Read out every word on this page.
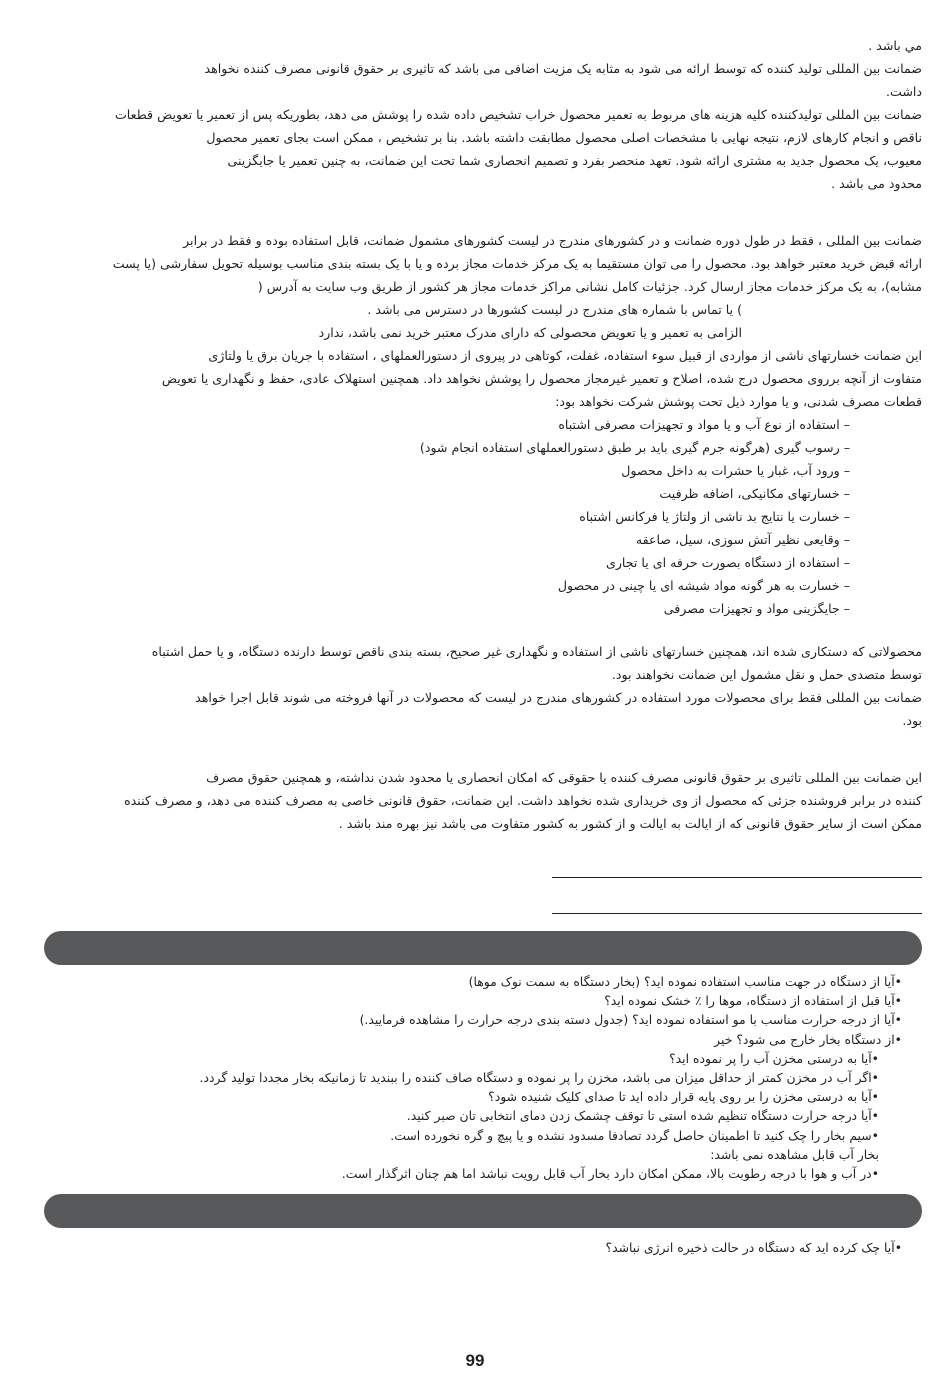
مي باشد .

ضمانت بین المللی تولید کننده که توسط ارائه می شود به مثابه یک مزیت اضافی می باشد که تاثیری بر حقوق قانونی مصرف کننده نخواهد

داشت.

ضمانت بین المللی تولیدکننده کلیه هزینه های مربوط به تعمیر محصول خراب تشخیص داده شده را پوشش می دهد، بطوریکه پس از تعمیر یا تعویض قطعات

ناقص و انجام کارهای لازم، نتیجه نهایی با مشخصات اصلی محصول مطابقت داشته باشد. بنا بر تشخیص ، ممکن است بجای تعمیر محصول

معیوب، یک محصول جدید به مشتری ارائه شود. تعهد منحصر بفرد و تصمیم انحصاری شما تحت این ضمانت، به چنین تعمیر یا جایگزینی

محدود می باشد .

ضمانت بین المللی ، فقط در طول دوره ضمانت و در کشورهای مندرج در لیست کشورهای مشمول ضمانت، قابل استفاده بوده و فقط در برابر

ارائه قبض خرید معتبر خواهد بود. محصول را می توان مستقیما به یک مرکز خدمات مجاز برده و یا با یک بسته بندی مناسب بوسیله تحویل سفارشی (یا پست

مشابه)، به یک مرکز خدمات مجاز ارسال کرد. جزئیات کامل نشانی مراکز خدمات مجاز هر کشور از طریق وب سایت به آدرس (

) یا تماس با شماره های مندرج در لیست کشورها در دسترس می باشد .

الزامی به تعمیر و یا تعویض محصولی که دارای مدرک معتبر خرید نمی باشد، ندارد

این ضمانت خسارتهای ناشی از مواردی از قبیل سوء استفاده، غفلت، کوتاهی در پیروی از دستورالعملهای ، استفاده با جریان برق یا ولتاژی

متفاوت از آنچه برروی محصول درج شده، اصلاح و تعمیر غیرمجاز محصول را پوشش نخواهد داد. همچنین استهلاک عادی، حفظ و نگهداری یا تعویض

قطعات مصرف شدنی، و یا موارد ذیل تحت پوشش شرکت نخواهد بود:

– استفاده از نوع آب و یا مواد و تجهیزات مصرفی اشتباه
– رسوب گیری (هرگونه جرم گیری باید بر طبق دستورالعملهای استفاده انجام شود)
– ورود آب، غبار یا حشرات به داخل محصول
– خسارتهای مکانیکی، اضافه ظرفیت
– خسارت یا نتایج بد ناشی از ولتاژ یا فرکانس اشتباه
– وقایعی نظیر آتش سوزی، سیل، صاعقه
– استفاده از دستگاه بصورت حرفه ای یا تجاری
– خسارت به هر گونه مواد شیشه ای یا چینی در محصول
– جایگزینی مواد و تجهیزات مصرفی

محصولاتی که دستکاری شده اند، همچنین خسارتهای ناشی از استفاده و نگهداری غیر صحیح، بسته بندی ناقص توسط دارنده دستگاه، و یا حمل اشتباه

توسط متصدی حمل و نقل مشمول این ضمانت نخواهند بود.

ضمانت بین المللی فقط برای محصولات مورد استفاده در کشورهای مندرج در لیست که محصولات در آنها فروخته می شوند قابل اجرا خواهد

بود.

این ضمانت بین المللی تاثیری بر حقوق قانونی مصرف کننده یا حقوقی که امکان انحصاری یا محدود شدن نداشته، و همچنین حقوق مصرف

کننده در برابر فروشنده جزئی که محصول از وی خریداری شده نخواهد داشت. این ضمانت، حقوق قانونی خاصی به مصرف کننده می دهد، و مصرف کننده

ممکن است از سایر حقوق قانونی که از ایالت به ایالت و از کشور به کشور متفاوت می باشد نیز بهره مند باشد .

•آیا از دستگاه در جهت مناسب استفاده نموده اید؟ (بخار دستگاه به سمت نوک موها)

•آیا قبل از استفاده از دستگاه، موها را ٪ خشک نموده اید؟

•آیا از درجه حرارت مناسب با مو استفاده نموده اید؟ (جدول دسته بندی درجه حرارت را مشاهده فرمایید.)

•از دستگاه بخار خارج می شود؟ خیر

•آیا به درستی مخزن آب را پر نموده اید؟

•اگر آب در مخزن کمتر از حداقل میزان می باشد، مخزن را پر نموده و دستگاه صاف کننده را ببندید تا زمانیکه بخار مجددا تولید گردد.

•آیا به درستی مخزن را بر روی پایه قرار داده اید تا صدای کلیک شنیده شود؟

•آیا درجه حرارت دستگاه تنظیم شده استی تا توقف چشمک زدن دمای انتخابی تان صبر کنید.

•سیم بخار را چک کنید تا اطمینان حاصل گردد تصادفا مسدود نشده و یا پیچ و گره نخورده است.

بخار آب قابل مشاهده نمی باشد:

•در آب و هوا با درجه رطوبت بالا، ممکن امکان دارد بخار آب قابل رویت نباشد اما هم چنان اثرگذار است.

•آیا چک کرده اید که دستگاه در حالت ذخیره انرژی نباشد؟

99
